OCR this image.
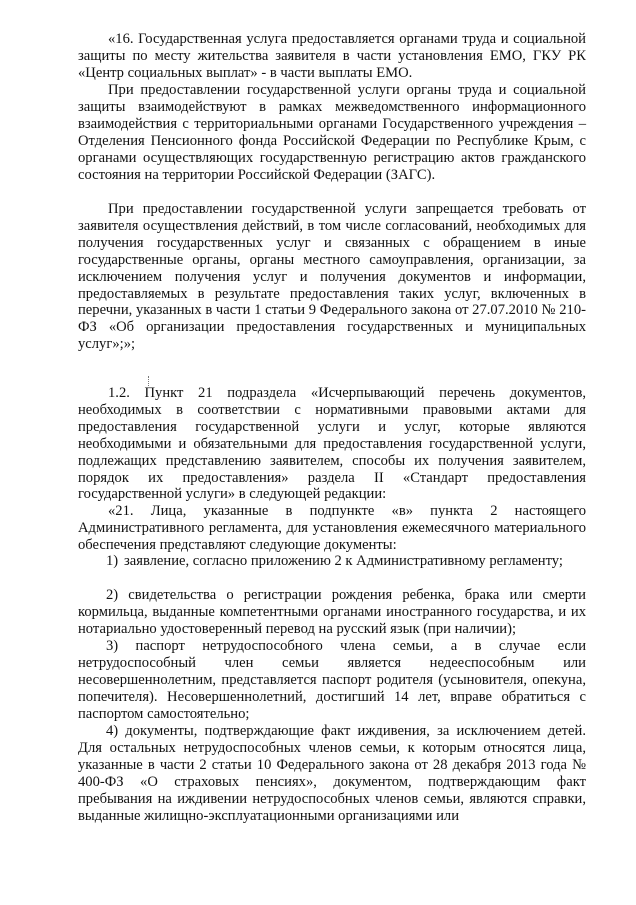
«16. Государственная услуга предоставляется органами труда и социальной защиты по месту жительства заявителя в части установления ЕМО, ГКУ РК «Центр социальных выплат» - в части выплаты ЕМО.

При предоставлении государственной услуги органы труда и социальной защиты взаимодействуют в рамках межведомственного информационного взаимодействия с территориальными органами Государственного учреждения – Отделения Пенсионного фонда Российской Федерации по Республике Крым, с органами осуществляющих государственную регистрацию актов гражданского состояния на территории Российской Федерации (ЗАГС).

При предоставлении государственной услуги запрещается требовать от заявителя осуществления действий, в том числе согласований, необходимых для получения государственных услуг и связанных с обращением в иные государственные органы, органы местного самоуправления, организации, за исключением получения услуг и получения документов и информации, предоставляемых в результате предоставления таких услуг, включенных в перечни, указанных в части 1 статьи 9 Федерального закона от 27.07.2010 № 210-ФЗ «Об организации предоставления государственных и муниципальных услуг»;»;

1.2. Пункт 21 подраздела «Исчерпывающий перечень документов, необходимых в соответствии с нормативными правовыми актами для предоставления государственной услуги и услуг, которые являются необходимыми и обязательными для предоставления государственной услуги, подлежащих представлению заявителем, способы их получения заявителем, порядок их предоставления» раздела II «Стандарт предоставления государственной услуги» в следующей редакции:

«21. Лица, указанные в подпункте «в» пункта 2 настоящего Административного регламента, для установления ежемесячного материального обеспечения представляют следующие документы:

1) заявление, согласно приложению 2 к Административному регламенту;

2) свидетельства о регистрации рождения ребенка, брака или смерти кормильца, выданные компетентными органами иностранного государства, и их нотариально удостоверенный перевод на русский язык (при наличии);

3) паспорт нетрудоспособного члена семьи, а в случае если нетрудоспособный член семьи является недееспособным или несовершеннолетним, представляется паспорт родителя (усыновителя, опекуна, попечителя). Несовершеннолетний, достигший 14 лет, вправе обратиться с паспортом самостоятельно;

4) документы, подтверждающие факт иждивения, за исключением детей. Для остальных нетрудоспособных членов семьи, к которым относятся лица, указанные в части 2 статьи 10 Федерального закона от 28 декабря 2013 года № 400-ФЗ «О страховых пенсиях», документом, подтверждающим факт пребывания на иждивении нетрудоспособных членов семьи, являются справки, выданные жилищно-эксплуатационными организациями или
